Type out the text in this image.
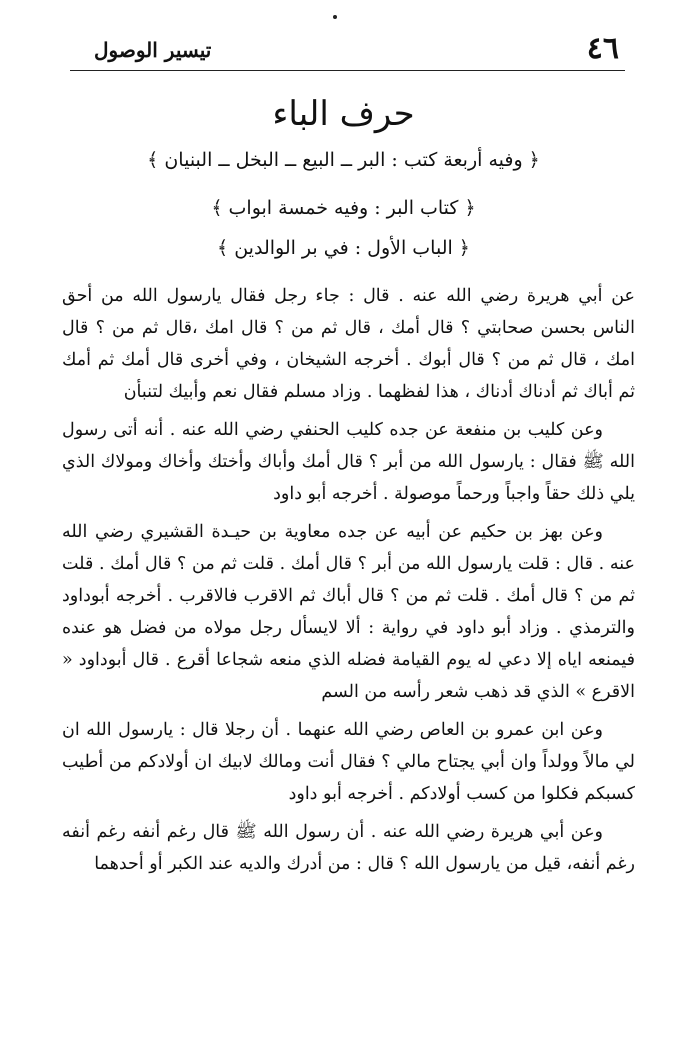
٤٦
تيسير الوصول
حرف الباء
﴿ وفيه أربعة كتب : البر ــ البيع ــ البخل ــ البنيان ﴾
﴿ كتاب البر : وفيه خمسة ابواب ﴾
﴿ الباب الأول : في بر الوالدين ﴾

عن أبي هريرة رضي الله عنه . قال : جاء رجل فقال يارسول الله من أحق الناس بحسن صحابتي ؟ قال أمك ، قال ثم من ؟ قال امك ،قال ثم من ؟ قال امك ، قال ثم من ؟ قال أبوك . أخرجه الشيخان ، وفي أخرى قال أمك ثم أمك ثم أباك ثم أدناك أدناك ، هذا لفظهما . وزاد مسلم فقال نعم وأبيك لتنبأن

وعن كليب بن منفعة عن جده كليب الحنفي رضي الله عنه . أنه أتى رسول الله ﷺ فقال : يارسول الله من أبر ؟ قال أمك وأباك وأختك وأخاك ومولاك الذي يلي ذلك حقاً واجباً ورحماً موصولة . أخرجه أبو داود

وعن بهز بن حكيم عن أبيه عن جده معاوية بن حيـدة القشيري رضي الله عنه . قال : قلت يارسول الله من أبر ؟ قال أمك . قلت ثم من ؟ قال أمك . قلت ثم من ؟ قال أمك . قلت ثم من ؟ قال أباك ثم الاقرب فالاقرب . أخرجه أبوداود والترمذي . وزاد أبو داود في رواية : ألا لايسأل رجل مولاه من فضل هو عنده فيمنعه اياه إلا دعي له يوم القيامة فضله الذي منعه شجاعا أقرع . قال أبوداود « الاقرع » الذي قد ذهب شعر رأسه من السم

وعن ابن عمرو بن العاص رضي الله عنهما . أن رجلا قال : يارسول الله ان لي مالاً وولداً وان أبي يجتاح مالي ؟ فقال أنت ومالك لابيك ان أولادكم من أطيب كسبكم فكلوا من كسب أولادكم . أخرجه أبو داود

وعن أبي هريرة رضي الله عنه . أن رسول الله ﷺ قال رغم أنفه رغم أنفه رغم أنفه، قيل من يارسول الله ؟ قال : من أدرك والديه عند الكبر أو أحدهما
